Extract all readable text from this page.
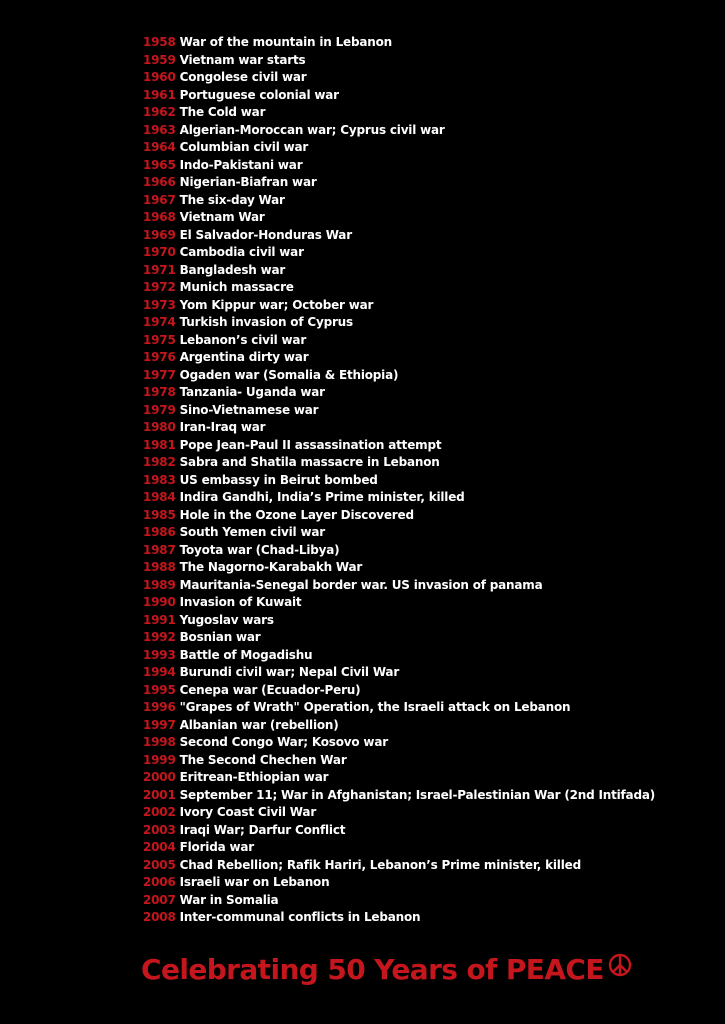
1958 War of the mountain in Lebanon
1959 Vietnam war starts
1960 Congolese civil war
1961 Portuguese colonial war
1962 The Cold war
1963 Algerian-Moroccan war; Cyprus civil war
1964 Columbian civil war
1965 Indo-Pakistani war
1966 Nigerian-Biafran war
1967 The six-day War
1968 Vietnam War
1969 El Salvador-Honduras War
1970 Cambodia civil war
1971 Bangladesh war
1972 Munich massacre
1973 Yom Kippur war; October war
1974 Turkish invasion of Cyprus
1975 Lebanon’s civil war
1976 Argentina dirty war
1977 Ogaden war (Somalia & Ethiopia)
1978 Tanzania- Uganda war
1979 Sino-Vietnamese war
1980 Iran-Iraq war
1981 Pope Jean-Paul II assassination attempt
1982 Sabra and Shatila massacre in Lebanon
1983 US embassy in Beirut bombed
1984 Indira Gandhi, India’s Prime minister, killed
1985 Hole in the Ozone Layer Discovered
1986 South Yemen civil war
1987 Toyota war (Chad-Libya)
1988 The Nagorno-Karabakh War
1989 Mauritania-Senegal border war. US invasion of panama
1990 Invasion of Kuwait
1991 Yugoslav wars
1992 Bosnian war
1993 Battle of Mogadishu
1994 Burundi civil war; Nepal Civil War
1995 Cenepa war (Ecuador-Peru)
1996 "Grapes of Wrath" Operation, the Israeli attack on Lebanon
1997 Albanian war (rebellion)
1998 Second Congo War; Kosovo war
1999 The Second Chechen War
2000 Eritrean-Ethiopian war
2001 September 11; War in Afghanistan; Israel-Palestinian War (2nd Intifada)
2002 Ivory Coast Civil War
2003 Iraqi War; Darfur Conflict
2004 Florida war
2005 Chad Rebellion; Rafik Hariri, Lebanon’s Prime minister, killed
2006 Israeli war on Lebanon
2007 War in Somalia
2008 Inter-communal conflicts in Lebanon
Celebrating 50 Years of PEACE
